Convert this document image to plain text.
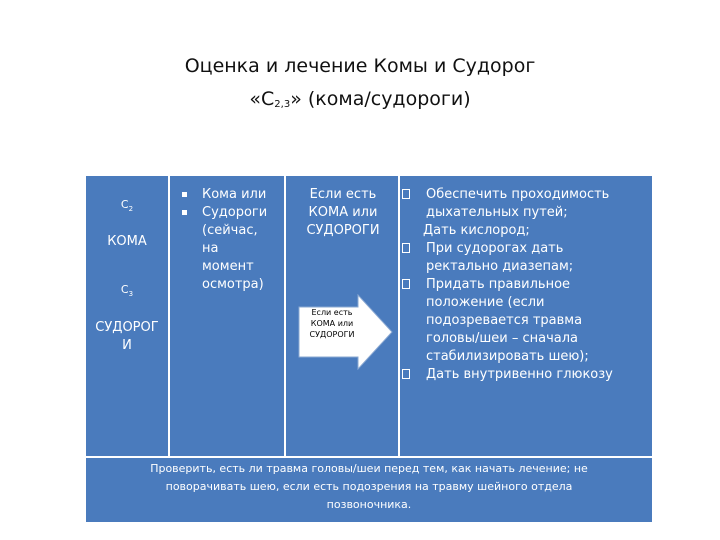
Оценка и лечение Комы и Судорог
«$С_{2,3}$» (кома/судороги)
$С_2$
КОМА
$С_3$
СУДОРОГ
И
Кома или
Судороги
(сейчас,
на
момент
осмотра)
Если есть
КОМА или
СУДОРОГИ
Если есть
КОМА или
СУДОРОГИ
Обеспечить проходимость
дыхательных путей;
Дать кислород;
При судорогах дать
ректально диазепам;
Придать правильное
положение (если
подозревается травма
головы/шеи – сначала
стабилизировать шею);
Дать внутривенно глюкозу
Проверить, есть ли травма головы/шеи перед тем, как начать лечение; не
поворачивать шею, если есть подозрения на травму шейного отдела
позвоночника.
